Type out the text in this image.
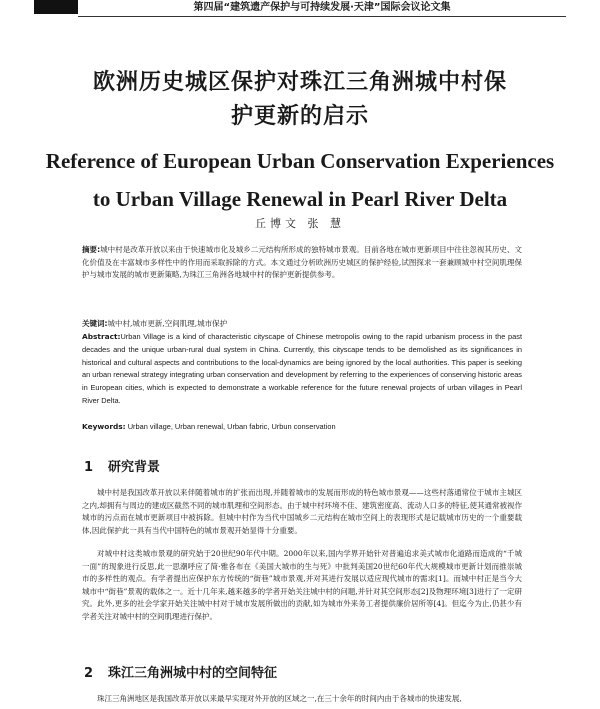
第四届“建筑遗产保护与可持续发展·天津”国际会议论文集
欧洲历史城区保护对珠江三角洲城中村保
护更新的启示
Reference of European Urban Conservation Experiences
to Urban Village Renewal in Pearl River Delta
丘博文 张 慧
摘要:城中村是改革开放以来由于快速城市化及城乡二元结构所形成的独特城市景观。目前各地在城市更新项目中往往忽视其历史、文化价值及在丰富城市多样性中的作用而采取拆除的方式。本文通过分析欧洲历史城区的保护经验,试图探求一套兼顾城中村空间肌理保护与城市发展的城市更新策略,为珠江三角洲各地城中村的保护更新提供参考。
关键词:城中村,城市更新,空间肌理,城市保护
Abstract:Urban Village is a kind of characteristic cityscape of Chinese metropolis owing to the rapid urbanism process in the past decades and the unique urban-rural dual system in China. Currently, this cityscape tends to be demolished as its significances in historical and cultural aspects and contributions to the local-dynamics are being ignored by the local authorities. This paper is seeking an urban renewal strategy integrating urban conservation and development by referring to the experiences of conserving historic areas in European cities, which is expected to demonstrate a workable reference for the future renewal projects of urban villages in Pearl River Delta.
Keywords: Urban village, Urban renewal, Urban fabric, Urbun conservation
1 研究背景
城中村是我国改革开放以来伴随着城市的扩张而出现,并随着城市的发展而形成的特色城市景观——这些村落通常位于城市主城区之内,却拥有与周边的建成区截然不同的城市肌理和空间形态。由于城中村环境不佳、建筑密度高、流动人口多的特征,使其通常被视作城市的污点而在城市更新项目中被拆除。但城中村作为当代中国城乡二元结构在城市空间上的表现形式是记载城市历史的一个重要载体,因此保护此一具有当代中国特色的城市景观开始显得十分重要。
对城中村这类城市景观的研究始于20世纪90年代中期。2000年以来,国内学界开始针对普遍追求美式城市化道路而造成的“千城一面”的现象进行反思,此一思潮呼应了简·雅各布在《美国大城市的生与死》中批判美国20世纪60年代大规模城市更新计划而推崇城市的多样性的观点。有学者提出应保护东方传统的“街巷”城市景观,并对其进行发展以适应现代城市的需求[1]。而城中村正是当今大城市中“街巷”景观的载体之一。近十几年来,越来越多的学者开始关注城中村的问题,并针对其空间形态[2]及物理环境[3]进行了一定研究。此外,更多的社会学家开始关注城中村对于城市发展所做出的贡献,如为城市外来务工者提供廉价居所等[4]。但迄今为止,仍甚少有学者关注对城中村的空间肌理进行保护。
2 珠江三角洲城中村的空间特征
珠江三角洲地区是我国改革开放以来最早实现对外开放的区域之一,在三十余年的时间内由于各城市的快速发展,
